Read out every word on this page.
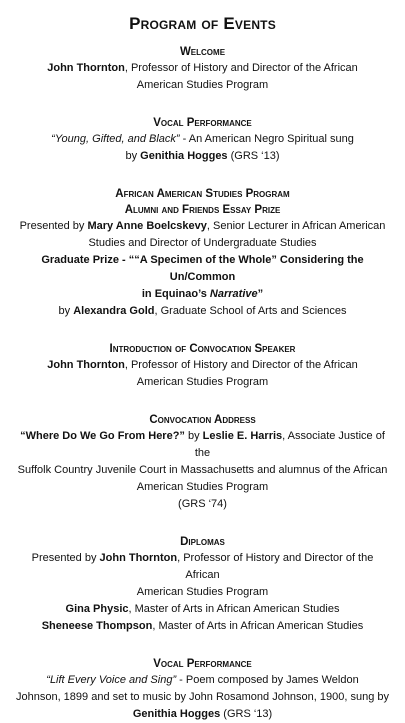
Program of Events

Welcome

John Thornton, Professor of History and Director of the African

American Studies Program

Vocal Performance

“Young, Gifted, and Black” - An American Negro Spiritual sung

by Genithia Hogges (GRS ‘13)

African American Studies Program

Alumni and Friends Essay Prize

Presented by Mary Anne Boelcskevy, Senior Lecturer in African American

Studies and Director of Undergraduate Studies

Graduate Prize - ““A Specimen of the Whole” Considering the Un/Common

in Equinao’s Narrative”

by Alexandra Gold, Graduate School of Arts and Sciences

Introduction of Convocation Speaker

John Thornton, Professor of History and Director of the African

American Studies Program

Convocation Address

“Where Do We Go From Here?” by Leslie E. Harris, Associate Justice of the

Suffolk Country Juvenile Court in Massachusetts and alumnus of the African

American Studies Program

(GRS ‘74)

Diplomas

Presented by John Thornton, Professor of History and Director of the African

American Studies Program

Gina Physic, Master of Arts in African American Studies

Sheneese Thompson, Master of Arts in African American Studies

Vocal Performance

“Lift Every Voice and Sing” - Poem composed by James Weldon

Johnson, 1899 and set to music by John Rosamond Johnson, 1900, sung by

Genithia Hogges (GRS ‘13)
